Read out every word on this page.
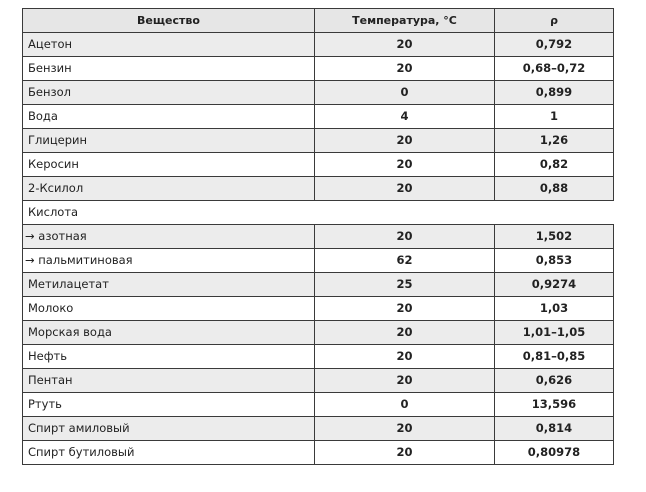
Вещество	Температура, °C	ρ
Ацетон	20	0,792
Бензин	20	0,68–0,72
Бензол	0	0,899
Вода	4	1
Глицерин	20	1,26
Керосин	20	0,82
2-Ксилол	20	0,88
Кислота		
→ азотная	20	1,502
→ пальмитиновая	62	0,853
Метилацетат	25	0,9274
Молоко	20	1,03
Морская вода	20	1,01–1,05
Нефть	20	0,81–0,85
Пентан	20	0,626
Ртуть	0	13,596
Спирт амиловый	20	0,814
Спирт бутиловый	20	0,80978
